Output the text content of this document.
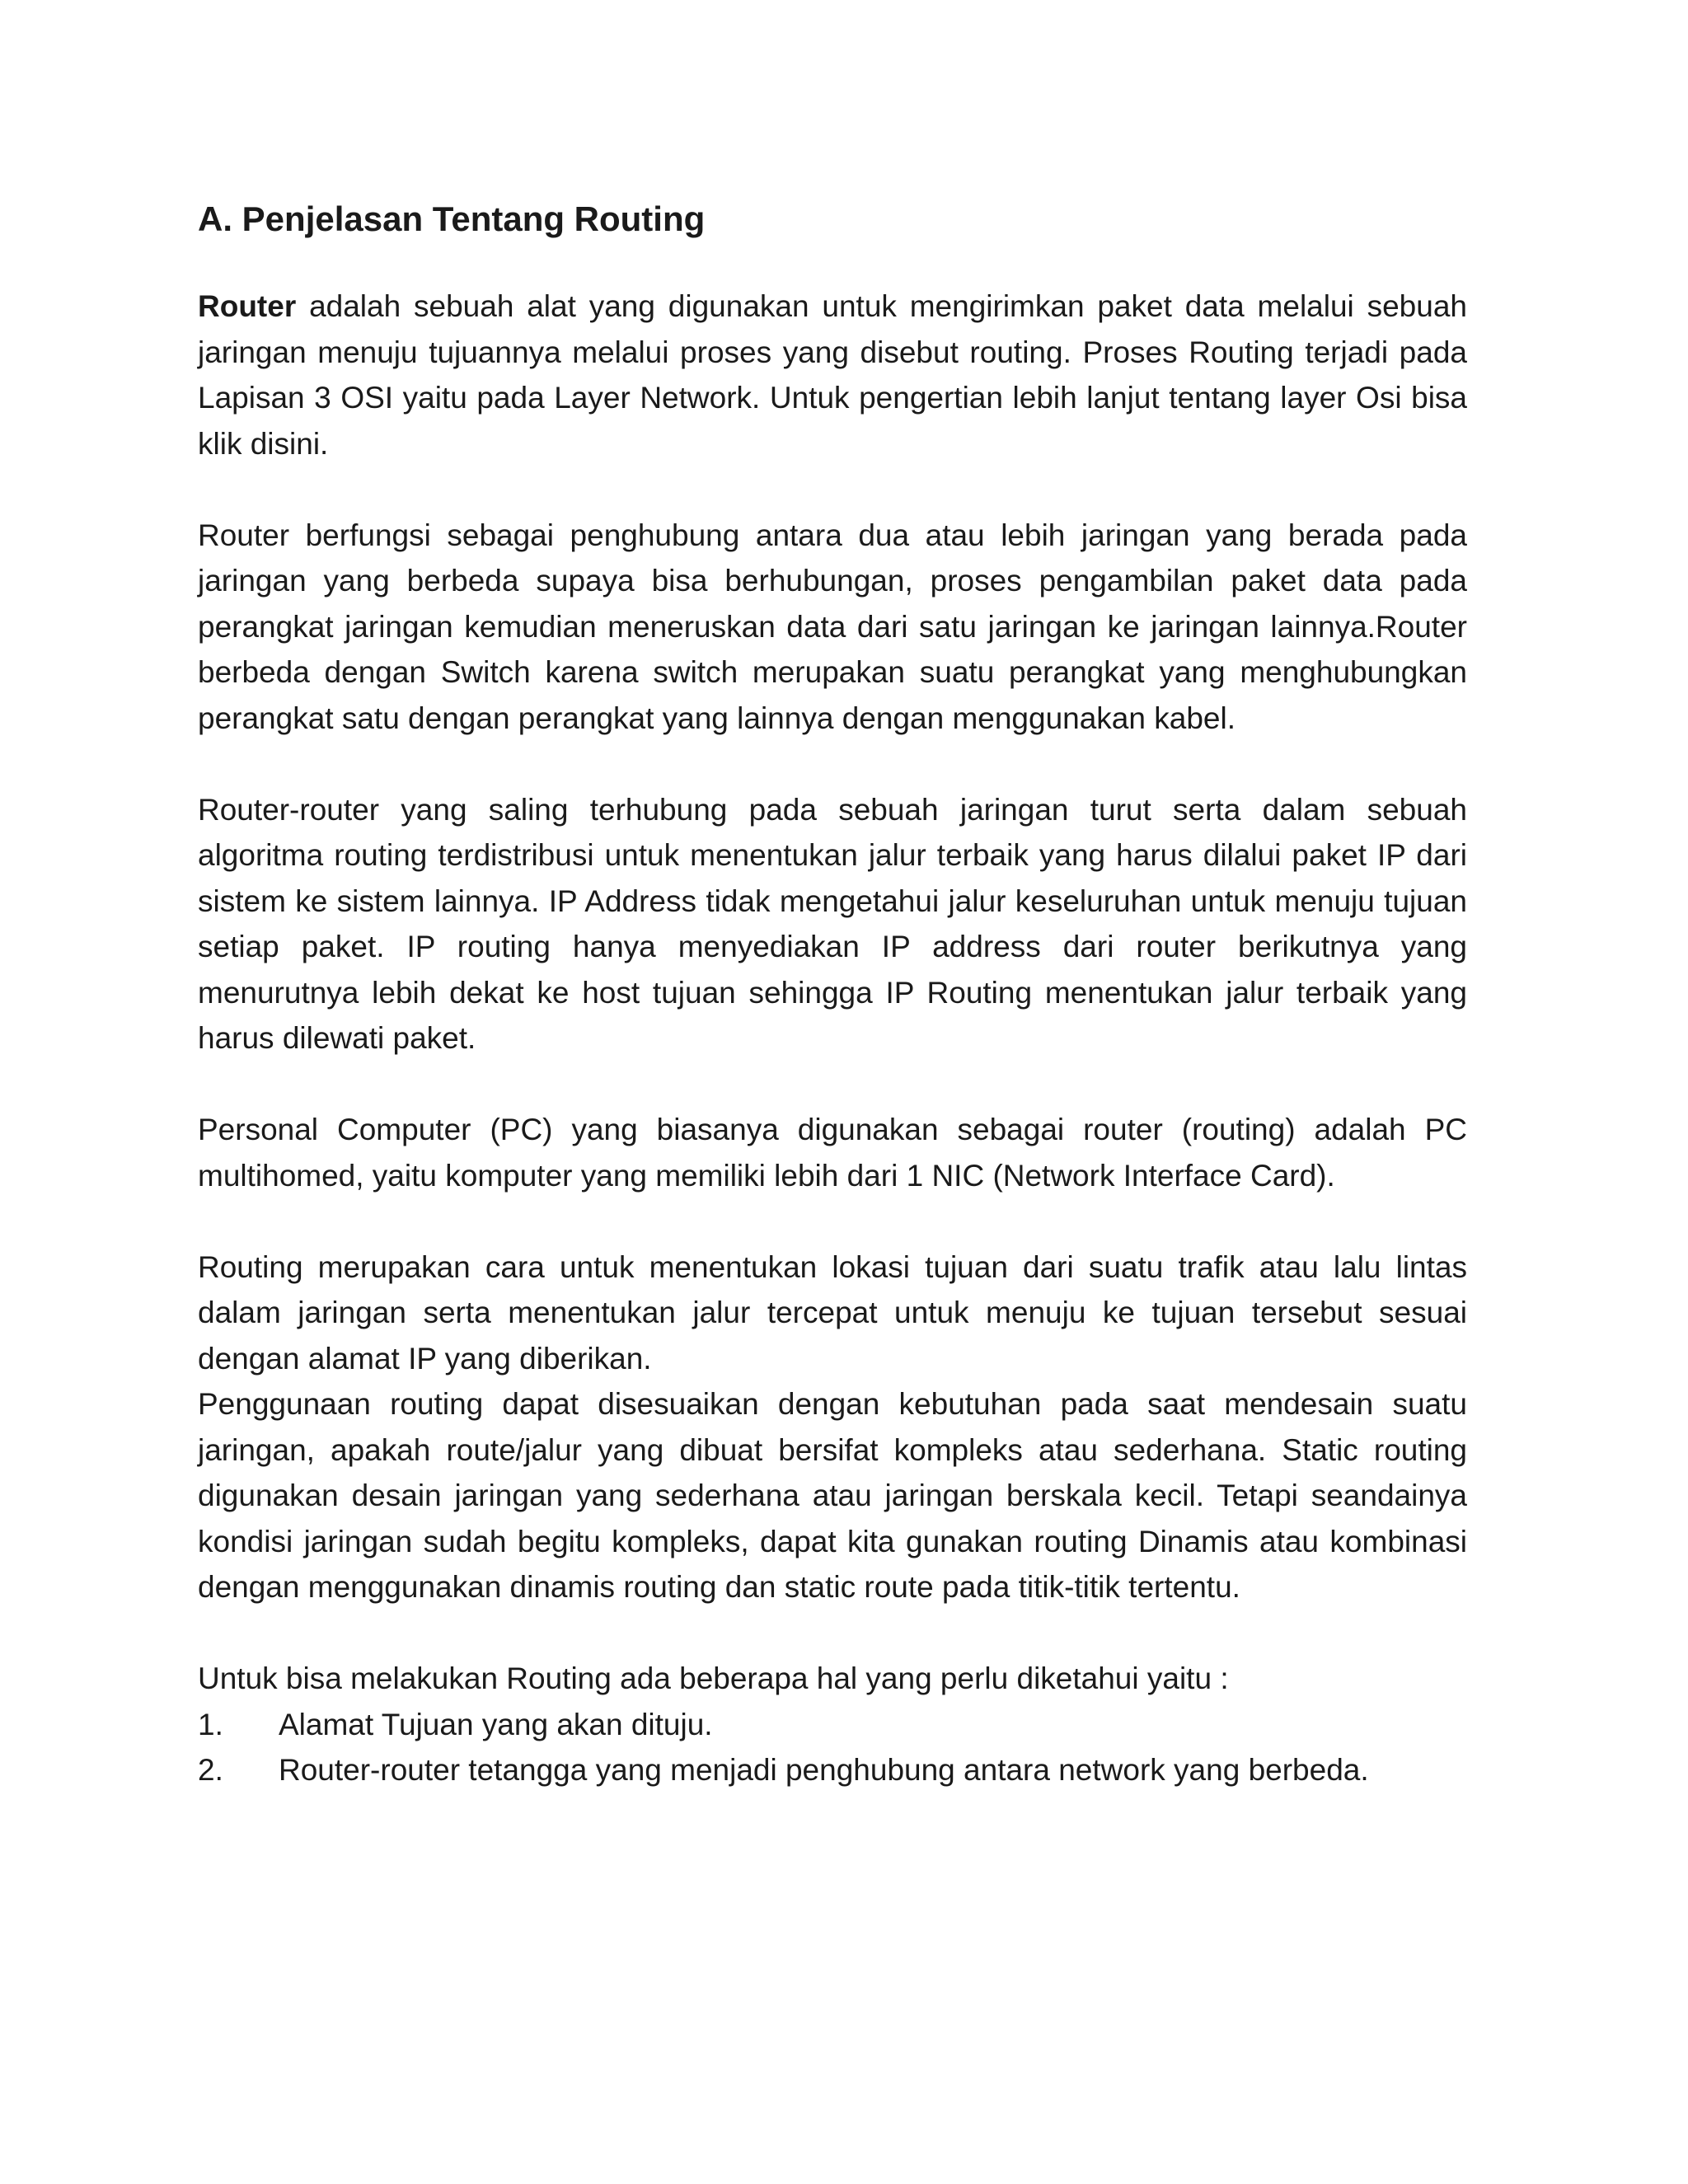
A. Penjelasan Tentang Routing

Router adalah sebuah alat yang digunakan untuk mengirimkan paket data melalui sebuah jaringan menuju tujuannya melalui proses yang disebut routing. Proses Routing terjadi pada Lapisan 3 OSI yaitu pada Layer Network. Untuk pengertian lebih lanjut tentang layer Osi bisa klik disini.

Router berfungsi sebagai penghubung antara dua atau lebih jaringan yang berada pada jaringan yang berbeda supaya bisa berhubungan, proses pengambilan paket data pada perangkat jaringan kemudian meneruskan data dari satu jaringan ke jaringan lainnya.Router berbeda dengan Switch karena switch merupakan suatu perangkat yang menghubungkan perangkat satu dengan perangkat yang lainnya dengan menggunakan kabel.

Router-router yang saling terhubung pada sebuah jaringan turut serta dalam sebuah algoritma routing terdistribusi untuk menentukan jalur terbaik yang harus dilalui paket IP dari sistem ke sistem lainnya. IP Address tidak mengetahui jalur keseluruhan untuk menuju tujuan setiap paket. IP routing hanya menyediakan IP address dari router berikutnya yang menurutnya lebih dekat ke host tujuan sehingga IP Routing menentukan jalur terbaik yang harus dilewati paket.

Personal Computer (PC) yang biasanya digunakan sebagai router (routing) adalah PC multihomed, yaitu komputer yang memiliki lebih dari 1 NIC (Network Interface Card).

Routing merupakan cara untuk menentukan lokasi tujuan dari suatu trafik atau lalu lintas dalam jaringan serta menentukan jalur tercepat untuk menuju ke tujuan tersebut sesuai dengan alamat IP yang diberikan.

Penggunaan routing dapat disesuaikan dengan kebutuhan pada saat mendesain suatu jaringan, apakah route/jalur yang dibuat bersifat kompleks atau sederhana. Static routing digunakan desain jaringan yang sederhana atau jaringan berskala kecil. Tetapi seandainya kondisi jaringan sudah begitu kompleks, dapat kita gunakan routing Dinamis atau kombinasi dengan menggunakan dinamis routing dan static route pada titik-titik tertentu.

Untuk bisa melakukan Routing ada beberapa hal yang perlu diketahui yaitu :

1.	Alamat Tujuan yang akan dituju.
2.	Router-router tetangga yang menjadi penghubung antara network yang berbeda.
